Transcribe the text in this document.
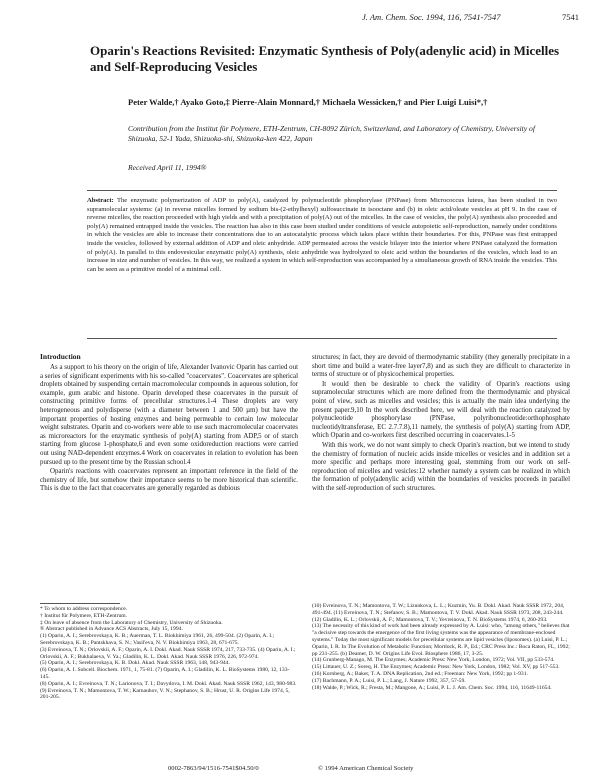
J. Am. Chem. Soc. 1994, 116, 7541-7547	7541
Oparin's Reactions Revisited: Enzymatic Synthesis of Poly(adenylic acid) in Micelles and Self-Reproducing Vesicles
Peter Walde,† Ayako Goto,‡ Pierre-Alain Monnard,† Michaela Wessicken,† and Pier Luigi Luisi*,†
Contribution from the Institut für Polymere, ETH-Zentrum, CH-8092 Zürich, Switzerland, and Laboratory of Chemistry, University of Shizuoka, 52-1 Yada, Shizuoka-shi, Shizuoka-ken 422, Japan
Received April 11, 1994®
Abstract: The enzymatic polymerization of ADP to poly(A), catalyzed by polynucleotide phosphorylase (PNPase) from Micrococcus luteus, has been studied in two supramolecular systems: (a) in reverse micelles formed by sodium bis-(2-ethylhexyl) sulfosuccinate in isooctane and (b) in oleic acid/oleate vesicles at pH 9. In the case of reverse micelles, the reaction proceeded with high yields and with a precipitation of poly(A) out of the micelles. In the case of vesicles, the poly(A) synthesis also proceeded and poly(A) remained entrapped inside the vesicles. The reaction has also in this case been studied under conditions of vesicle autopoietic self-reproduction, namely under conditions in which the vesicles are able to increase their concentrations due to an autocatalytic process which takes place within their boundaries. For this, PNPase was first entrapped inside the vesicles, followed by external addition of ADP and oleic anhydride. ADP permeated across the vesicle bilayer into the interior where PNPase catalyzed the formation of poly(A). In parallel to this endovesicular enzymatic poly(A) synthesis, oleic anhydride was hydrolyzed to oleic acid within the boundaries of the vesicles, which lead to an increase in size and number of vesicles. In this way, we realized a system in which self-reproduction was accompanied by a simultaneous growth of RNA inside the vesicles. This can be seen as a primitive model of a minimal cell.
Introduction

As a support to his theory on the origin of life, Alexander Ivanovic Oparin has carried out a series of significant experiments with his so-called "coacervates". Coacervates are spherical droplets obtained by suspending certain macromolecular compounds in aqueous solution, for example, gum arabic and histone. Oparin developed these coacervates in the pursuit of constructing primitive forms of precellular structures.1-4 These droplets are very heterogeneous and polydisperse (with a diameter between 1 and 500 µm) but have the important properties of hosting enzymes and being permeable to certain low molecular weight substrates. Oparin and co-workers were able to use such macromolecular coacervates as microreactors for the enzymatic synthesis of poly(A) starting from ADP,5 or of starch starting from glucose 1-phosphate,6 and even some oxidoreduction reactions were carried out using NAD-dependent enzymes.4 Work on coacervates in relation to evolution has been pursued up to the present time by the Russian school.4

Oparin's reactions with coacervates represent an important reference in the field of the chemistry of life, but somehow their importance seems to be more historical than scientific. This is due to the fact that coacervates are generally regarded as dubious

structures; in fact, they are devoid of thermodynamic stability (they generally precipitate in a short time and build a water-free layer7,8) and as such they are difficult to characterize in terms of structure or of physicochemical properties.

It would then be desirable to check the validity of Oparin's reactions using supramolecular structures which are more defined from the thermodynamic and physical point of view, such as micelles and vesicles; this is actually the main idea underlying the present paper.9,10 In the work described here, we will deal with the reaction catalyzed by polynucleotide phosphorylase (PNPase, polyribonucleotide:orthophosphate nucleotidyltransferase, EC 2.7.7.8),11 namely, the synthesis of poly(A) starting from ADP, which Oparin and co-workers first described occurring in coacervates.1-5

With this work, we do not want simply to check Oparin's reaction, but we intend to study the chemistry of formation of nucleic acids inside micelles or vesicles and in addition set a more specific and perhaps more interesting goal, stemming from our work on self-reproduction of micelles and vesicles:12 whether namely a system can be realized in which the formation of poly(adenylic acid) within the boundaries of vesicles proceeds in parallel with the self-reproduction of such structures.

* To whom to address correspondence.

† Institut für Polymere, ETH-Zentrum.

‡ On leave of absence from the Laboratory of Chemistry, University of Shizuoka.

® Abstract published in Advance ACS Abstracts, July 15, 1994.

(1) Oparin, A. I.; Serebrovskaya, K. B.; Auerman, T. L. Biokhimiya 1961, 26, 499-504. (2) Oparin, A. I.; Serebrovskaya, K. B.; Pantskhava, S. N.; Vasil'eva, N. V. Biokhimiya 1963, 28, 671-675.

(3) Evreinova, T. N.; Orlovskii, A. F.; Oparin, A. I. Dokl. Akad. Nauk SSSR 1974, 217, 733-735. (4) Oparin, A. I.; Orlovskii, A. F.; Bukhalaeva, V. Ya.; Gladilin, K. L. Dokl. Akad. Nauk SSSR 1976, 226, 972-974.

(5) Oparin, A. I.; Serebrovskaya, K. B. Dokl. Akad. Nauk SSSR 1963, 148, 943-944.

(6) Oparin, A. I. Subcell. Biochem. 1971, 1, 75-81. (7) Oparin, A. I.; Gladilin, K. L. BioSystems 1980, 12, 133-145.

(8) Oparin, A. I.; Evreinova, T. N.; Larionova, T. I.; Davydova, I. M. Dokl. Akad. Nauk SSSR 1962, 143, 980-983.

(9) Evreinova, T. N.; Mamontova, T. W.; Karnauhov, V. N.; Stephanov, S. B.; Hrust, U. R. Origins Life 1974, 5, 201-205.

(10) Evreinova, T. N.; Mamontova, T. W.; Lizunkova, L. L.; Kuzmin, Yu. B. Dokl. Akad. Nauk SSSR 1972, 204, 491-494. (11) Evreinova, T. N.; Stefanov, S. B.; Mamontova, T. V. Dokl. Akad. Nauk SSSR 1973, 208, 243-244. (12) Gladilin, K. L.; Orlovskii, A. F.; Mamontova, T. V.; Yevreinova, T. N. BioSystems 1974, 6, 260-293.

(13) The necessity of this kind of work had been already expressed by A. Luisi: who, "among others," believes that "a decisive step towards the emergence of the first living systems was the appearance of membrane-enclosed systems." Today the most significant models for precellular systems are lipid vesicles (liposomes). (a) Luisi, P. L.; Oparin, I. R. In The Evolution of Metabolic Function; Mortlock, R. P., Ed.; CRC Press Inc.: Boca Raton, FL, 1992; pp 231-255. (b) Deamer, D. W. Origins Life Evol. Biosphere 1986, 17, 3-25.

(14) Grunberg-Manago, M. The Enzymes; Academic Press: New York, London, 1972; Vol. VII, pp 533-574.

(15) Littauer, U. Z.; Soreq, H. The Enzymes; Academic Press: New York, London, 1982; Vol. XV, pp 517-553.

(16) Kornberg, A.; Baker, T. A. DNA Replication, 2nd ed.; Freeman: New York, 1992; pp 1-931.

(17) Bachmann, P. A.; Luisi, P. L.; Lang, J. Nature 1992, 357, 57-59.

(18) Walde, P.; Wick, R.; Fresta, M.; Mangone, A.; Luisi, P. L. J. Am. Chem. Soc. 1994, 116, 11649-11654.

0002-7863/94/1516-7541$04.50/0	© 1994 American Chemical Society
